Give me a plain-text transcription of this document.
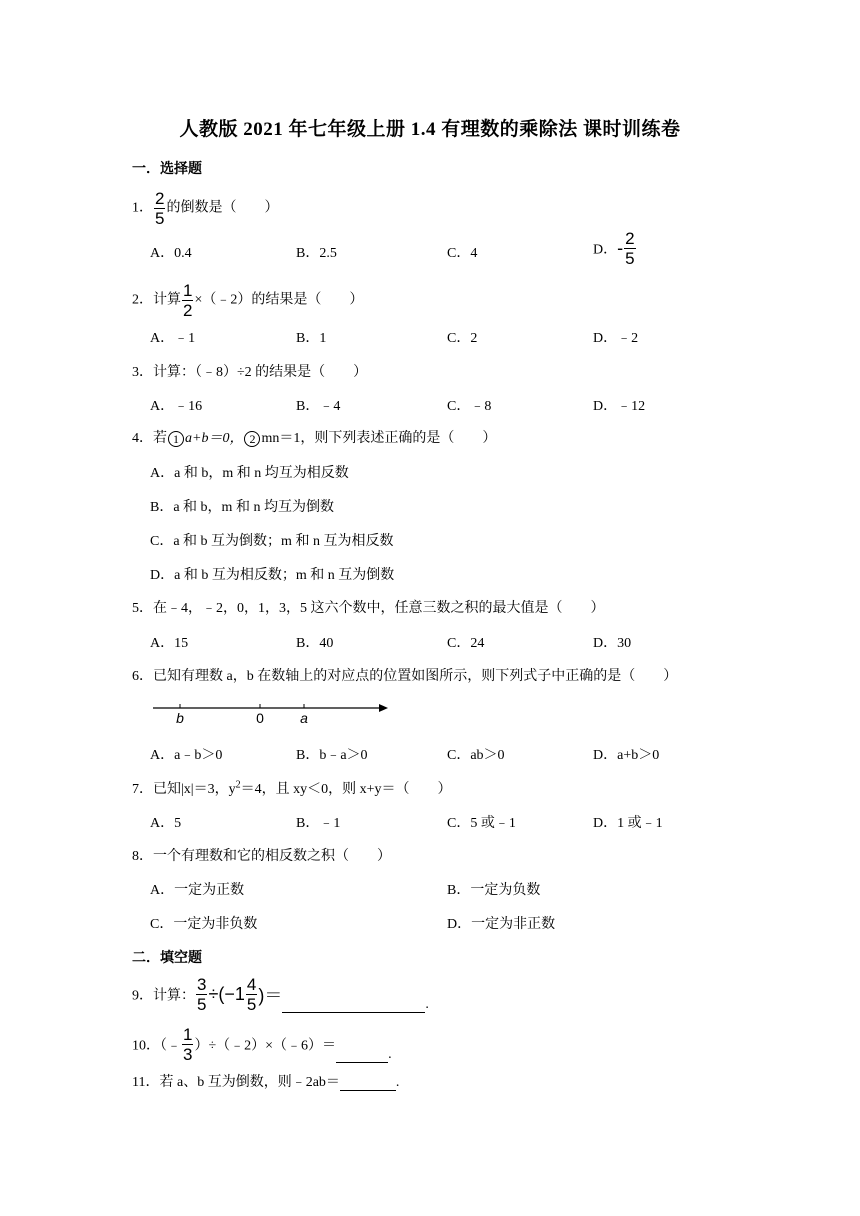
人教版 2021 年七年级上册 1.4 有理数的乘除法 课时训练卷
一．选择题
1． $\frac{2}{5}$ 的倒数是（　　）
A．0.4	B．2.5	C．4	D．- $\frac{2}{5}$
2．计算 $\frac{1}{2}$ ×（﹣2）的结果是（　　）
A．﹣1	B．1	C．2	D．﹣2
3．计算：（﹣8）÷2 的结果是（　　）
A．﹣16	B．﹣4	C．﹣8	D．﹣12
4．若 1 a+b＝0， 2 mn＝1，则下列表述正确的是（　　）
A．a 和 b，m 和 n 均互为相反数
B．a 和 b，m 和 n 均互为倒数
C．a 和 b 互为倒数；m 和 n 互为相反数
D．a 和 b 互为相反数；m 和 n 互为倒数
5．在﹣4，﹣2，0，1，3，5 这六个数中，任意三数之积的最大值是（　　）
A．15	B．40	C．24	D．30
6．已知有理数 a，b 在数轴上的对应点的位置如图所示，则下列式子中正确的是（　　）
b	0	a
A．a﹣b＞0	B．b﹣a＞0	C．ab＞0	D．a+b＞0
7．已知|x|＝3，$y^2=4$，且 xy＜0，则 x+y＝（　　）
A．5	B．﹣1	C．5 或﹣1	D．1 或﹣1
8．一个有理数和它的相反数之积（　　）
A．一定为正数	B．一定为负数
C．一定为非负数	D．一定为非正数
二．填空题
9．计算： $\frac{3}{5} \div(-1 \frac{4}{5}$ )＝	.
10．（﹣ $\frac{1}{3}$ ）÷（﹣2）×（﹣6）＝.
11．若 a、b 互为倒数，则﹣2ab＝	.
